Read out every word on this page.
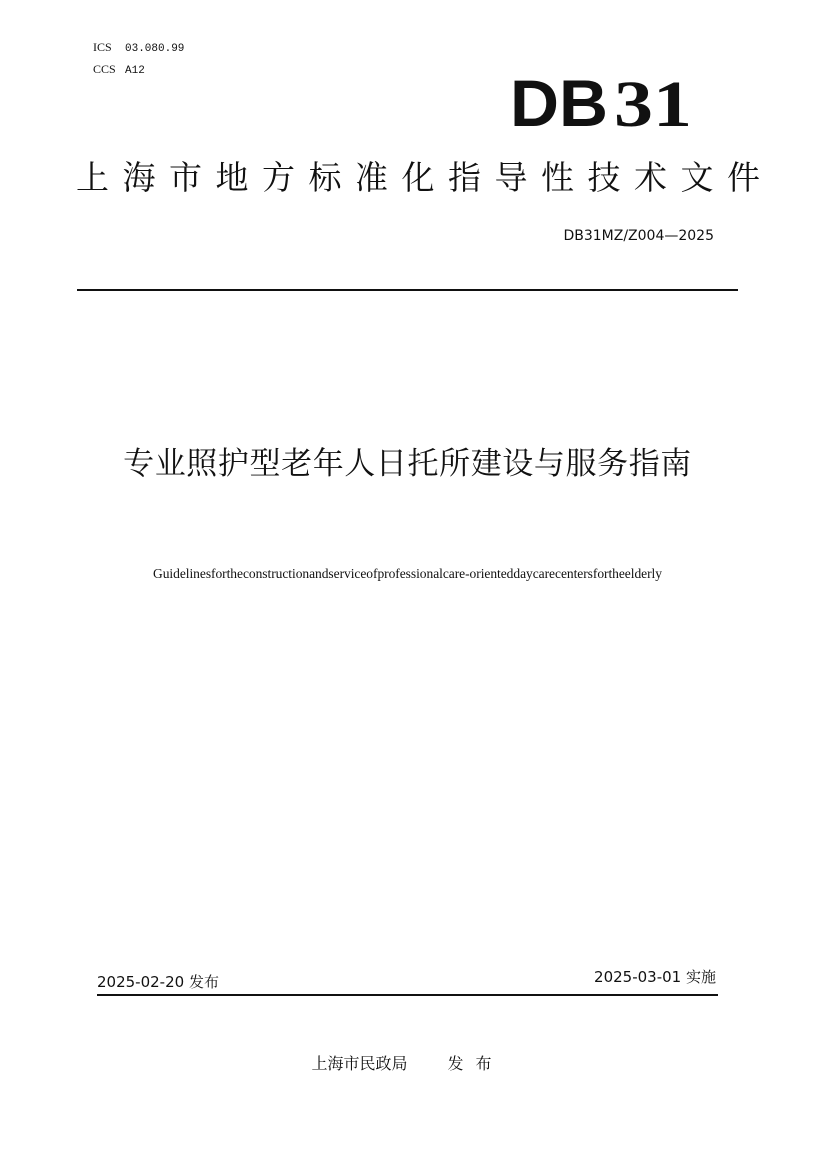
ICS 03.080.99
CCS A12	DB 31
上海市地方标准化指导性技术文件
DB31MZ/Z004—2025
专业照护型老年人日托所建设与服务指南
Guidelinesfortheconstructionandserviceofprofessionalcare-orienteddaycarecentersfortheelderly
2025-02-20 发布	2025-03-01 实施
上海市民政局	发布
